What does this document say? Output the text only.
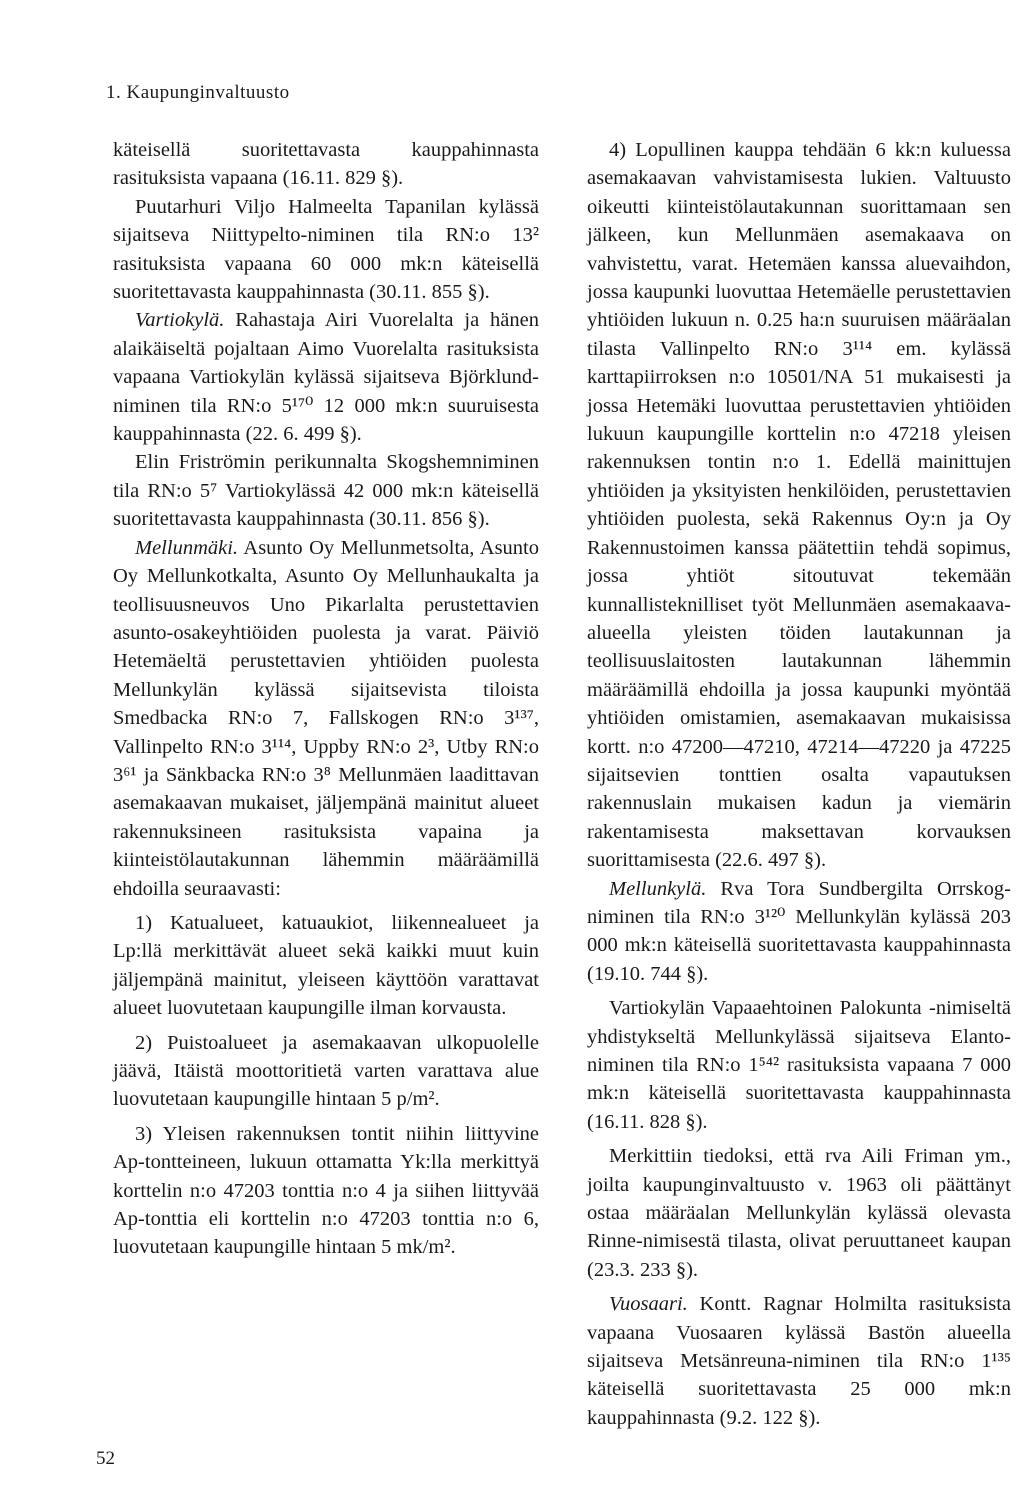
1. Kaupunginvaltuusto

käteisellä suoritettavasta kauppahinnasta rasituksista vapaana (16.11. 829 §).

Puutarhuri Viljo Halmeelta Tapanilan kylässä sijaitseva Niittypelto-niminen tila RN:o 13² rasituksista vapaana 60 000 mk:n käteisellä suoritettavasta kauppahinnasta (30.11. 855 §).

Vartiokylä. Rahastaja Airi Vuorelalta ja hänen alaikäiseltä pojaltaan Aimo Vuorelalta rasituksista vapaana Vartiokylän kylässä sijaitseva Björklund-niminen tila RN:o 5¹⁷⁰ 12 000 mk:n suuruisesta kauppahinnasta (22. 6. 499 §).

Elin Friströmin perikunnalta Skogshemniminen tila RN:o 5⁷ Vartiokylässä 42 000 mk:n käteisellä suoritettavasta kauppahinnasta (30.11. 856 §).

Mellunmäki. Asunto Oy Mellunmetsolta, Asunto Oy Mellunkotkalta, Asunto Oy Mellunhaukalta ja teollisuusneuvos Uno Pikarlalta perustettavien asunto-osakeyhtiöiden puolesta ja varat. Päiviö Hetemäeltä perustettavien yhtiöiden puolesta Mellunkylän kylässä sijaitsevista tiloista Smedbacka RN:o 7, Fallskogen RN:o 3¹³⁷, Vallinpelto RN:o 3¹¹⁴, Uppby RN:o 2³, Utby RN:o 3⁶¹ ja Sänkbacka RN:o 3⁸ Mellunmäen laadittavan asemakaavan mukaiset, jäljempänä mainitut alueet rakennuksineen rasituksista vapaina ja kiinteistölautakunnan lähemmin määräämillä ehdoilla seuraavasti:

1) Katualueet, katuaukiot, liikennealueet ja Lp:llä merkittävät alueet sekä kaikki muut kuin jäljempänä mainitut, yleiseen käyttöön varattavat alueet luovutetaan kaupungille ilman korvausta.

2) Puistoalueet ja asemakaavan ulkopuolelle jäävä, Itäistä moottoritietä varten varattava alue luovutetaan kaupungille hintaan 5 p/m².

3) Yleisen rakennuksen tontit niihin liittyvine Ap-tontteineen, lukuun ottamatta Yk:lla merkittyä korttelin n:o 47203 tonttia n:o 4 ja siihen liittyvää Ap-tonttia eli korttelin n:o 47203 tonttia n:o 6, luovutetaan kaupungille hintaan 5 mk/m².

4) Lopullinen kauppa tehdään 6 kk:n kuluessa asemakaavan vahvistamisesta lukien. Valtuusto oikeutti kiinteistölautakunnan suorittamaan sen jälkeen, kun Mellunmäen asemakaava on vahvistettu, varat. Hetemäen kanssa aluevaihdon, jossa kaupunki luovuttaa Hetemäelle perustettavien yhtiöiden lukuun n. 0.25 ha:n suuruisen määräalan tilasta Vallinpelto RN:o 3¹¹⁴ em. kylässä karttapiirroksen n:o 10501/NA 51 mukaisesti ja jossa Hetemäki luovuttaa perustettavien yhtiöiden lukuun kaupungille korttelin n:o 47218 yleisen rakennuksen tontin n:o 1. Edellä mainittujen yhtiöiden ja yksityisten henkilöiden, perustettavien yhtiöiden puolesta, sekä Rakennus Oy:n ja Oy Rakennustoimen kanssa päätettiin tehdä sopimus, jossa yhtiöt sitoutuvat tekemään kunnallisteknilliset työt Mellunmäen asemakaava-alueella yleisten töiden lautakunnan ja teollisuuslaitosten lautakunnan lähemmin määräämillä ehdoilla ja jossa kaupunki myöntää yhtiöiden omistamien, asemakaavan mukaisissa kortt. n:o 47200—47210, 47214—47220 ja 47225 sijaitsevien tonttien osalta vapautuksen rakennuslain mukaisen kadun ja viemärin rakentamisesta maksettavan korvauksen suorittamisesta (22.6. 497 §).

Mellunkylä. Rva Tora Sundbergilta Orrskog-niminen tila RN:o 3¹²⁰ Mellunkylän kylässä 203 000 mk:n käteisellä suoritettavasta kauppahinnasta (19.10. 744 §).

Vartiokylän Vapaaehtoinen Palokunta -nimiseltä yhdistykseltä Mellunkylässä sijaitseva Elanto-niminen tila RN:o 1⁵⁴² rasituksista vapaana 7 000 mk:n käteisellä suoritettavasta kauppahinnasta (16.11. 828 §).

Merkittiin tiedoksi, että rva Aili Friman ym., joilta kaupunginvaltuusto v. 1963 oli päättänyt ostaa määräalan Mellunkylän kylässä olevasta Rinne-nimisestä tilasta, olivat peruuttaneet kaupan (23.3. 233 §).

Vuosaari. Kontt. Ragnar Holmilta rasituksista vapaana Vuosaaren kylässä Bastön alueella sijaitseva Metsänreuna-niminen tila RN:o 1¹³⁵ käteisellä suoritettavasta 25 000 mk:n kauppahinnasta (9.2. 122 §).

52
